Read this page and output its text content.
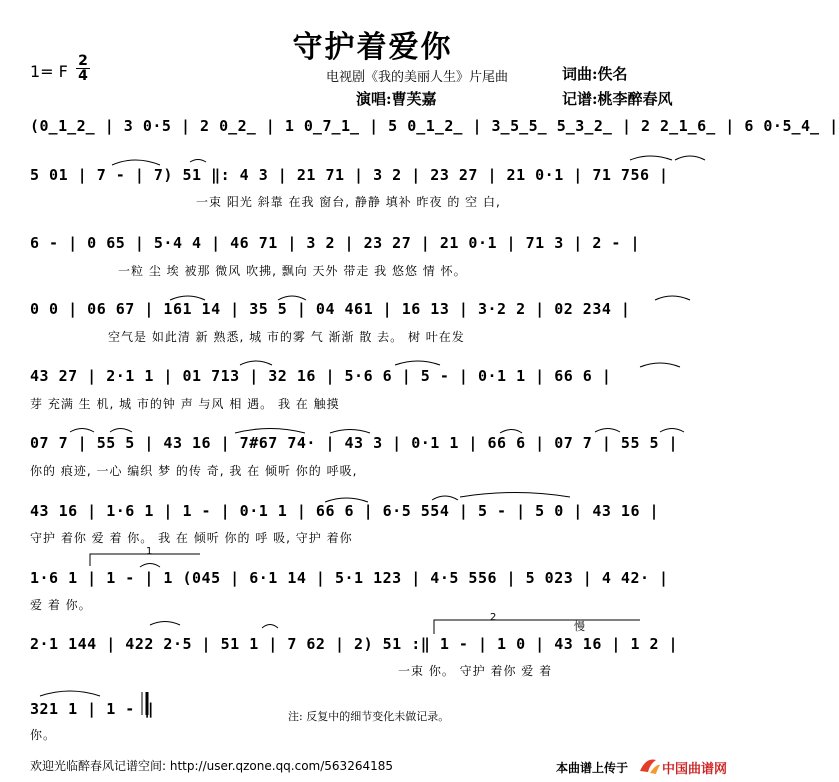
守护着爱你
1= F
2
4	电视剧《我的美丽人生》片尾曲
演唱:曹芙嘉
词曲:佚名
记谱:桃李醉春风
(0̲1̲2̲ | 3 0·5 | 2 0̲2̲ | 1 0̲7̲1̲ | 5 0̲1̲2̲ | 3̲5̲5̲ 5̲3̲2̲ | 2 2̲1̲6̲ | 6 0·5̲4̲ |
5 01 | 7 - | 7) 51 ‖: 4 3 | 21 71 | 3 2 | 23 27 | 21 0·1 | 71 756 |
一束 阳光 斜靠 在我 窗台, 静静 填补 昨夜 的 空 白,
6 - | 0 65 | 5·4 4 | 46 71 | 3 2 | 23 27 | 21 0·1 | 71 3 | 2 - |
一粒 尘 埃 被那 微风 吹拂, 飘向 天外 带走 我 悠悠 情 怀。
0 0 | 06 67 | 161 14 | 35 5 | 04 461 | 16 13 | 3·2 2 | 02 234 |
空气是 如此清 新 熟悉, 城 市的雾 气 渐渐 散 去。 树 叶在发
43 27 | 2·1 1 | 01 713 | 32 16 | 5·6 6 | 5 - | 0·1 1 | 66 6 |
芽 充满 生 机, 城 市的钟 声 与风 相 遇。 我 在 触摸
07 7 | 55 5 | 43 16 | 7#67 74· | 43 3 | 0·1 1 | 66 6 | 07 7 | 55 5 |
你的 痕迹, 一心 编织 梦 的传 奇, 我 在 倾听 你的 呼吸,
43 16 | 1·6 1 | 1 - | 0·1 1 | 66 6 | 6·5 554 | 5 - | 5 0 | 43 16 |
守护 着你 爱 着 你。 我 在 倾听 你的 呼 吸, 守护 着你
1
1·6 1 | 1 - | 1 (045 | 6·1 14 | 5·1 123 | 4·5 556 | 5 023 | 4 42· |
爱 着 你。
2
慢
2·1 144 | 422 2·5 | 51 1 | 7 62 | 2) 51 :‖ 1 - | 1 0 | 43 16 | 1 2 |
一束 你。 守护 着你 爱 着
321 1 | 1 - ‖
你。
注: 反复中的细节变化未做记录。
欢迎光临醉春风记谱空间: http://user.qzone.qq.com/563264185	本曲谱上传于	中国曲谱网
